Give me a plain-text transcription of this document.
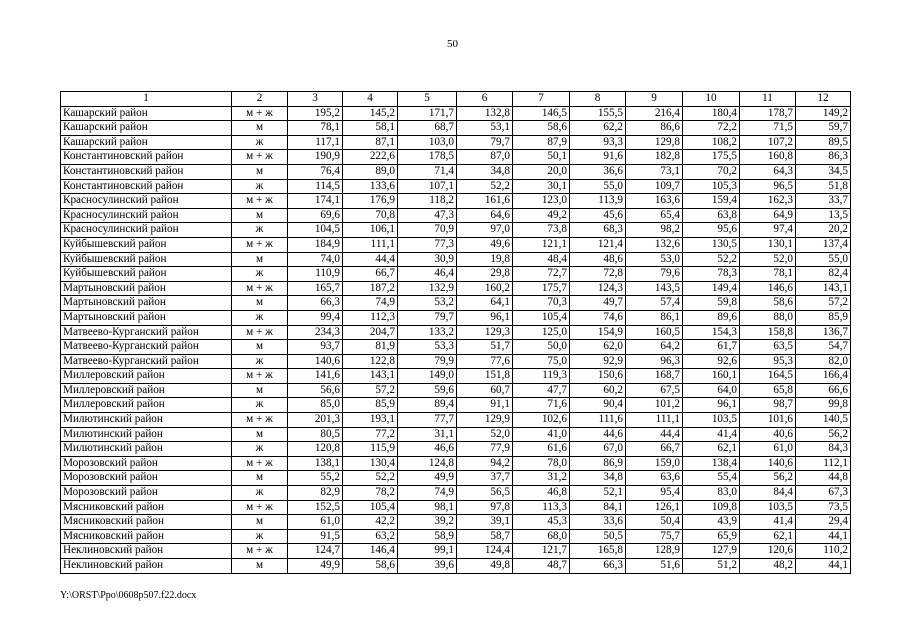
50
1	2	3	4	5	6	7	8	9	10	11	12
Кашарский район	м + ж	195,2	145,2	171,7	132,8	146,5	155,5	216,4	180,4	178,7	149,2
Кашарский район	м	78,1	58,1	68,7	53,1	58,6	62,2	86,6	72,2	71,5	59,7
Кашарский район	ж	117,1	87,1	103,0	79,7	87,9	93,3	129,8	108,2	107,2	89,5
Константиновский район	м + ж	190,9	222,6	178,5	87,0	50,1	91,6	182,8	175,5	160,8	86,3
Константиновский район	м	76,4	89,0	71,4	34,8	20,0	36,6	73,1	70,2	64,3	34,5
Константиновский район	ж	114,5	133,6	107,1	52,2	30,1	55,0	109,7	105,3	96,5	51,8
Красносулинский район	м + ж	174,1	176,9	118,2	161,6	123,0	113,9	163,6	159,4	162,3	33,7
Красносулинский район	м	69,6	70,8	47,3	64,6	49,2	45,6	65,4	63,8	64,9	13,5
Красносулинский район	ж	104,5	106,1	70,9	97,0	73,8	68,3	98,2	95,6	97,4	20,2
Куйбышевский район	м + ж	184,9	111,1	77,3	49,6	121,1	121,4	132,6	130,5	130,1	137,4
Куйбышевский район	м	74,0	44,4	30,9	19,8	48,4	48,6	53,0	52,2	52,0	55,0
Куйбышевский район	ж	110,9	66,7	46,4	29,8	72,7	72,8	79,6	78,3	78,1	82,4
Мартыновский район	м + ж	165,7	187,2	132,9	160,2	175,7	124,3	143,5	149,4	146,6	143,1
Мартыновский район	м	66,3	74,9	53,2	64,1	70,3	49,7	57,4	59,8	58,6	57,2
Мартыновский район	ж	99,4	112,3	79,7	96,1	105,4	74,6	86,1	89,6	88,0	85,9
Матвеево-Курганский район	м + ж	234,3	204,7	133,2	129,3	125,0	154,9	160,5	154,3	158,8	136,7
Матвеево-Курганский район	м	93,7	81,9	53,3	51,7	50,0	62,0	64,2	61,7	63,5	54,7
Матвеево-Курганский район	ж	140,6	122,8	79,9	77,6	75,0	92,9	96,3	92,6	95,3	82,0
Миллеровский район	м + ж	141,6	143,1	149,0	151,8	119,3	150,6	168,7	160,1	164,5	166,4
Миллеровский район	м	56,6	57,2	59,6	60,7	47,7	60,2	67,5	64,0	65,8	66,6
Миллеровский район	ж	85,0	85,9	89,4	91,1	71,6	90,4	101,2	96,1	98,7	99,8
Милютинский район	м + ж	201,3	193,1	77,7	129,9	102,6	111,6	111,1	103,5	101,6	140,5
Милютинский район	м	80,5	77,2	31,1	52,0	41,0	44,6	44,4	41,4	40,6	56,2
Милютинский район	ж	120,8	115,9	46,6	77,9	61,6	67,0	66,7	62,1	61,0	84,3
Морозовский район	м + ж	138,1	130,4	124,8	94,2	78,0	86,9	159,0	138,4	140,6	112,1
Морозовский район	м	55,2	52,2	49,9	37,7	31,2	34,8	63,6	55,4	56,2	44,8
Морозовский район	ж	82,9	78,2	74,9	56,5	46,8	52,1	95,4	83,0	84,4	67,3
Мясниковский район	м + ж	152,5	105,4	98,1	97,8	113,3	84,1	126,1	109,8	103,5	73,5
Мясниковский район	м	61,0	42,2	39,2	39,1	45,3	33,6	50,4	43,9	41,4	29,4
Мясниковский район	ж	91,5	63,2	58,9	58,7	68,0	50,5	75,7	65,9	62,1	44,1
Неклиновский район	м + ж	124,7	146,4	99,1	124,4	121,7	165,8	128,9	127,9	120,6	110,2
Неклиновский район	м	49,9	58,6	39,6	49,8	48,7	66,3	51,6	51,2	48,2	44,1
Y:\ORST\Ppo\0608p507.f22.docx
